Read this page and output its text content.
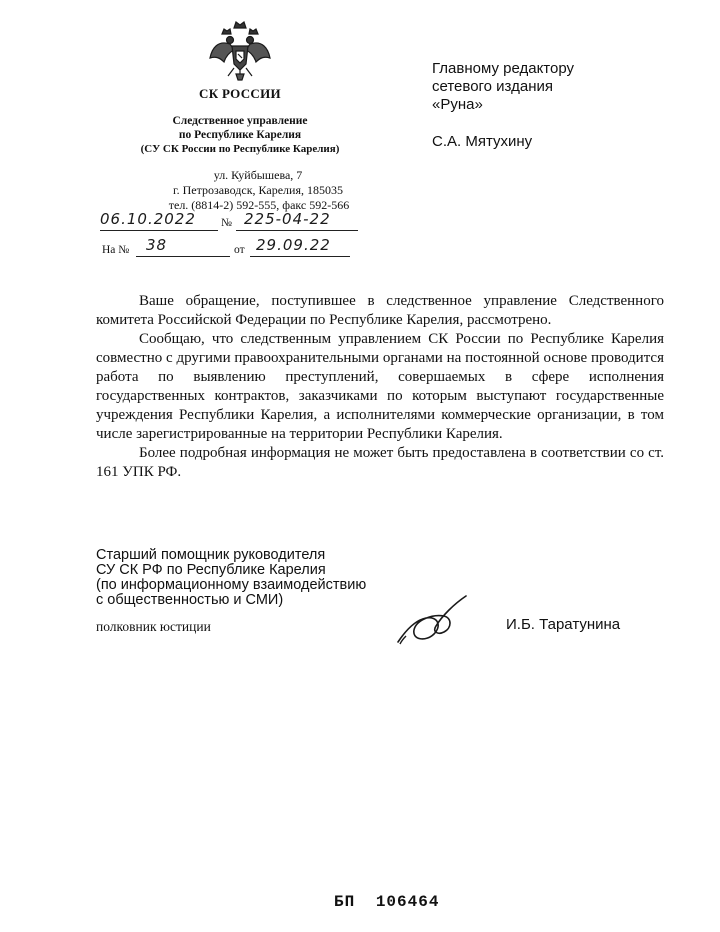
СК РОССИИ
Следственное управление
по Республике Карелия
(СУ СК России по Республике Карелия)
ул. Куйбышева, 7
г. Петрозаводск, Карелия, 185035
тел. (8814-2) 592-555, факс 592-566
06.10.2022 № 225-04-22
На № 38	от 29.09.22
Главному редактору
сетевого издания
«Руна»
С.А. Мятухину

Ваше обращение, поступившее в следственное управление Следственного комитета Российской Федерации по Республике Карелия, рассмотрено.

Сообщаю, что следственным управлением СК России по Республике Карелия совместно с другими правоохранительными органами на постоянной основе проводится работа по выявлению преступлений, совершаемых в сфере исполнения государственных контрактов, заказчиками по которым выступают государственные учреждения Республики Карелия, а исполнителями коммерческие организации, в том числе зарегистрированные на территории Республики Карелия.

Более подробная информация не может быть предоставлена в соответствии со ст. 161 УПК РФ.

Старший помощник руководителя
СУ СК РФ по Республике Карелия
(по информационному взаимодействию
с общественностью и СМИ)
полковник юстиции	И.Б. Таратунина
БП 106464
